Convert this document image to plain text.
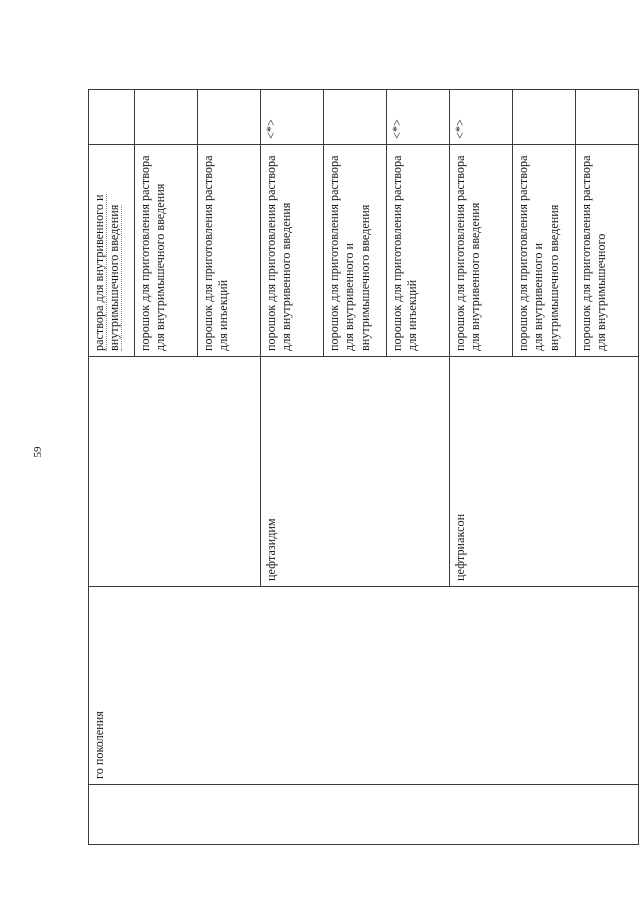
59
	го поколения		раствора для внутривенного и внутримышечного введения	
			порошок для приготовления раствора для внутримышечного введения	
			порошок для приготовления раствора для инъекций	
		цефтазидим	порошок для приготовления раствора для внутривенного введения	<*>
			порошок для приготовления раствора для внутривенного и внутримышечного введения	
			порошок для приготовления раствора для инъекций	<*>
		цефтриаксон	порошок для приготовления раствора для внутривенного введения	<*>
			порошок для приготовления раствора для внутривенного и внутримышечного введения	
			порошок для приготовления раствора для внутримышечного	
